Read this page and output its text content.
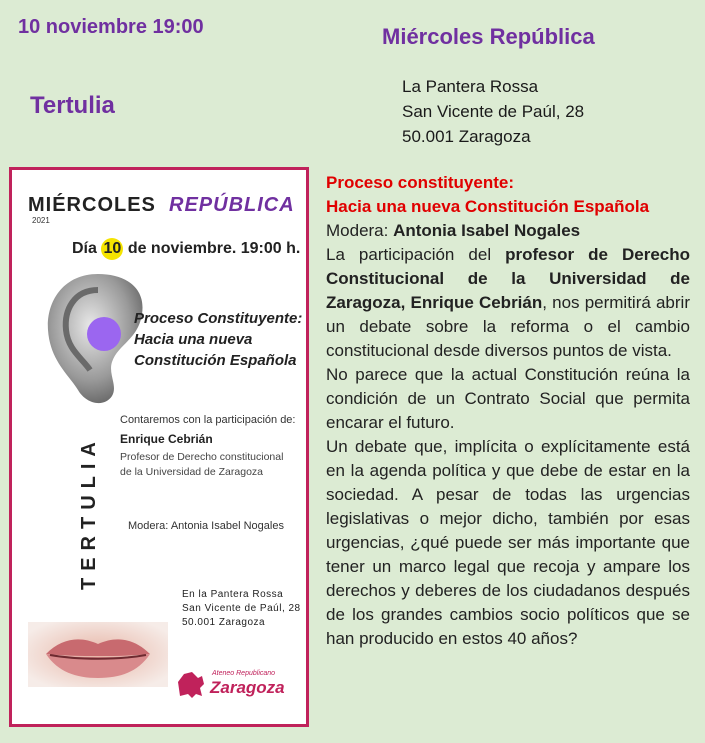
10 noviembre 19:00	Miércoles República
Tertulia
La Pantera Rossa
San Vicente de Paúl, 28
50.001 Zaragoza
MIÉRCOLES REPÚBLICA
2021
Día 10 de noviembre. 19:00 h.
Proceso Constituyente:
Hacia una nueva
Constitución Española
Contaremos con la participación de:
Enrique Cebrián
Profesor de Derecho constitucional
de la Universidad de Zaragoza
TERTULIA	Modera: Antonia Isabel Nogales
En la Pantera Rossa
San Vicente de Paúl, 28
50.001 Zaragoza
Ateneo Republicano
Zaragoza
Proceso constituyente:
Hacia una nueva Constitución Española
Modera: Antonia Isabel Nogales

La participación del profesor de Derecho Constitucional de la Universidad de Zaragoza, Enrique Cebrián, nos permitirá abrir un debate sobre la reforma o el cambio constitucional desde diversos puntos de vista.

No parece que la actual Constitución reúna la condición de un Contrato Social que permita encarar el futuro.

Un debate que, implícita o explícitamente está en la agenda política y que debe de estar en la sociedad. A pesar de todas las urgencias legislativas o mejor dicho, también por esas urgencias, ¿qué puede ser más importante que tener un marco legal que recoja y ampare los derechos y deberes de los ciudadanos después de los grandes cambios socio políticos que se han producido en estos 40 años?
